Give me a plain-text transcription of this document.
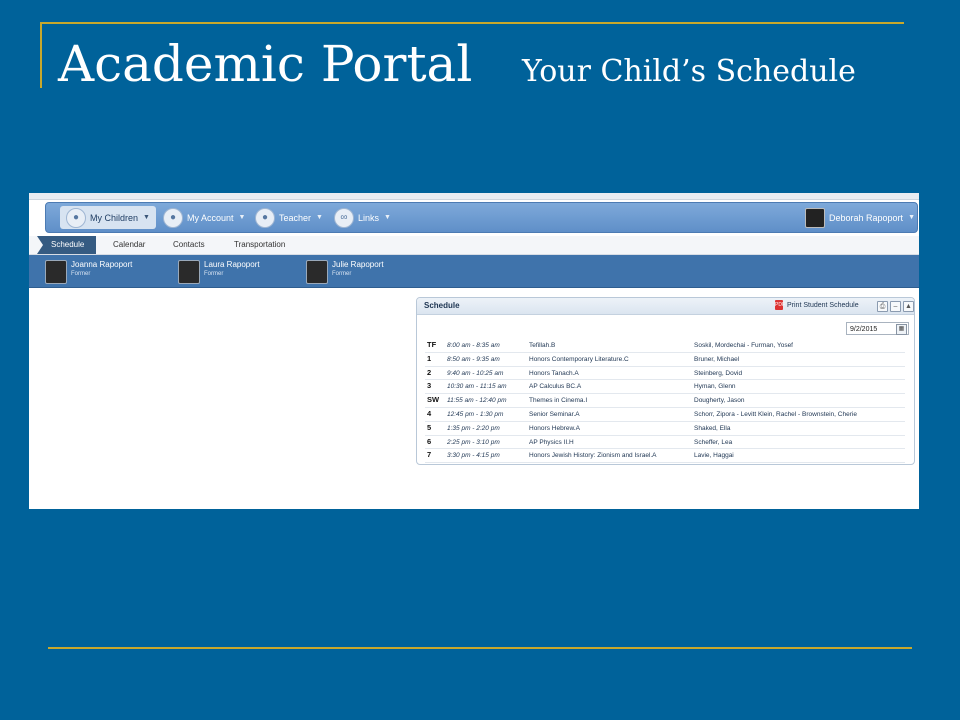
Academic Portal Your Child’s Schedule
●	My Children ▼	●	My Account ▼	●	Teacher ▼	∞	Links ▼	Deborah Rapoport ▼
Schedule	Calendar	Contacts	Transportation
Joanna Rapoport
Former
Laura Rapoport
Former
Julie Rapoport
Former
Schedule	PDF Print Student Schedule	⎙	–	▲
9/2/2015	▦
TF 8:00 am - 8:35 am	Tefillah.B	Soskil, Mordechai - Furman, Yosef
1 8:50 am - 9:35 am	Honors Contemporary Literature.C	Bruner, Michael
2 9:40 am - 10:25 am	Honors Tanach.A	Steinberg, Dovid
3 10:30 am - 11:15 am	AP Calculus BC.A	Hyman, Glenn
SW 11:55 am - 12:40 pm	Themes in Cinema.I	Dougherty, Jason
4 12:45 pm - 1:30 pm	Senior Seminar.A	Schorr, Zipora - Levitt Klein, Rachel - Brownstein, Cherie
5 1:35 pm - 2:20 pm	Honors Hebrew.A	Shaked, Ella
6 2:25 pm - 3:10 pm	AP Physics II.H	Scheffer, Lea
7 3:30 pm - 4:15 pm	Honors Jewish History: Zionism and Israel.A	Lavie, Haggai
